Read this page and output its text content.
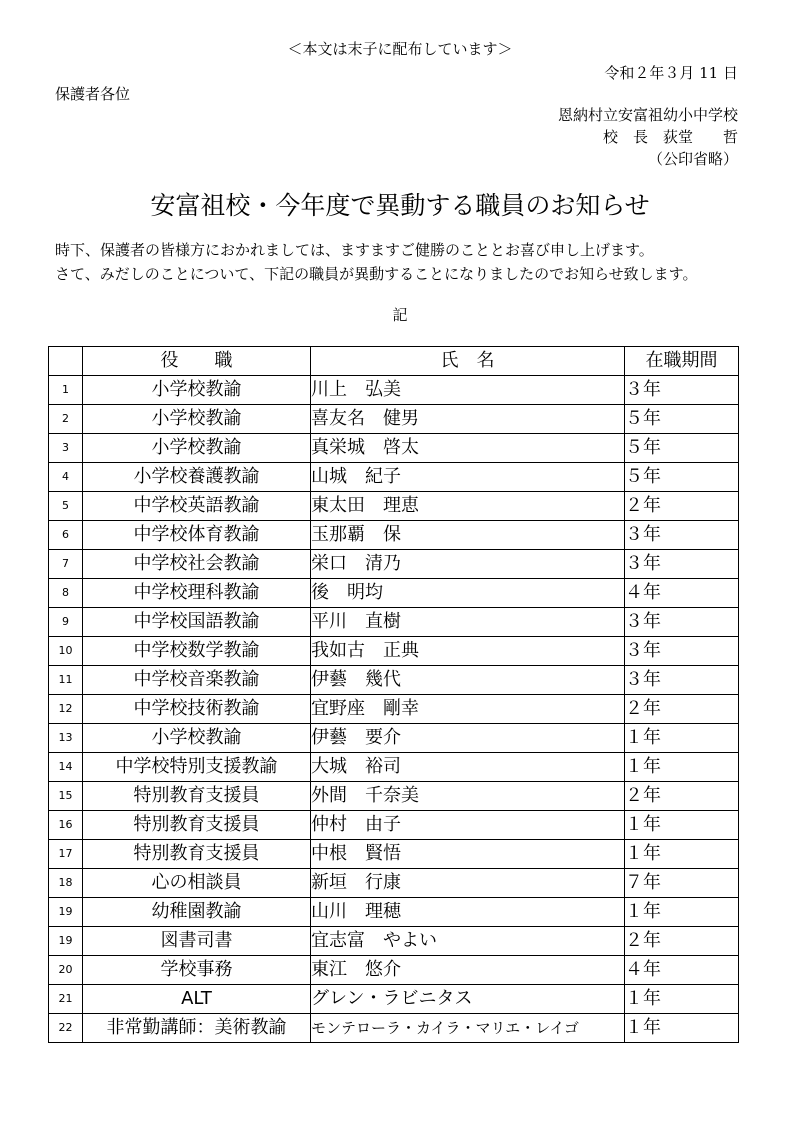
＜本文は末子に配布しています＞
令和２年３月 11 日
保護者各位
恩納村立安富祖幼小中学校
校　長　荻堂　　哲
（公印省略）
安富祖校・今年度で異動する職員のお知らせ

時下、保護者の皆様方におかれましては、ますますご健勝のこととお喜び申し上げます。

さて、みだしのことについて、下記の職員が異動することになりましたのでお知らせ致します。

記
	役　　職	氏　名	在職期間
1	小学校教諭	川上　弘美	３年
2	小学校教諭	喜友名　健男	５年
3	小学校教諭	真栄城　啓太	５年
4	小学校養護教諭	山城　紀子	５年
5	中学校英語教諭	東太田　理恵	２年
6	中学校体育教諭	玉那覇　保	３年
7	中学校社会教諭	栄口　清乃	３年
8	中学校理科教諭	後　明均	４年
9	中学校国語教諭	平川　直樹	３年
10	中学校数学教諭	我如古　正典	３年
11	中学校音楽教諭	伊藝　幾代	３年
12	中学校技術教諭	宜野座　剛幸	２年
13	小学校教諭	伊藝　要介	１年
14	中学校特別支援教諭	大城　裕司	１年
15	特別教育支援員	外間　千奈美	２年
16	特別教育支援員	仲村　由子	１年
17	特別教育支援員	中根　賢悟	１年
18	心の相談員	新垣　行康	７年
19	幼稚園教諭	山川　理穂	１年
19	図書司書	宜志富　やよい	２年
20	学校事務	東江　悠介	４年
21	ALT	グレン・ラビニタス	１年
22	非常勤講師：美術教諭	モンテローラ・カイラ・マリエ・レイゴ	１年
